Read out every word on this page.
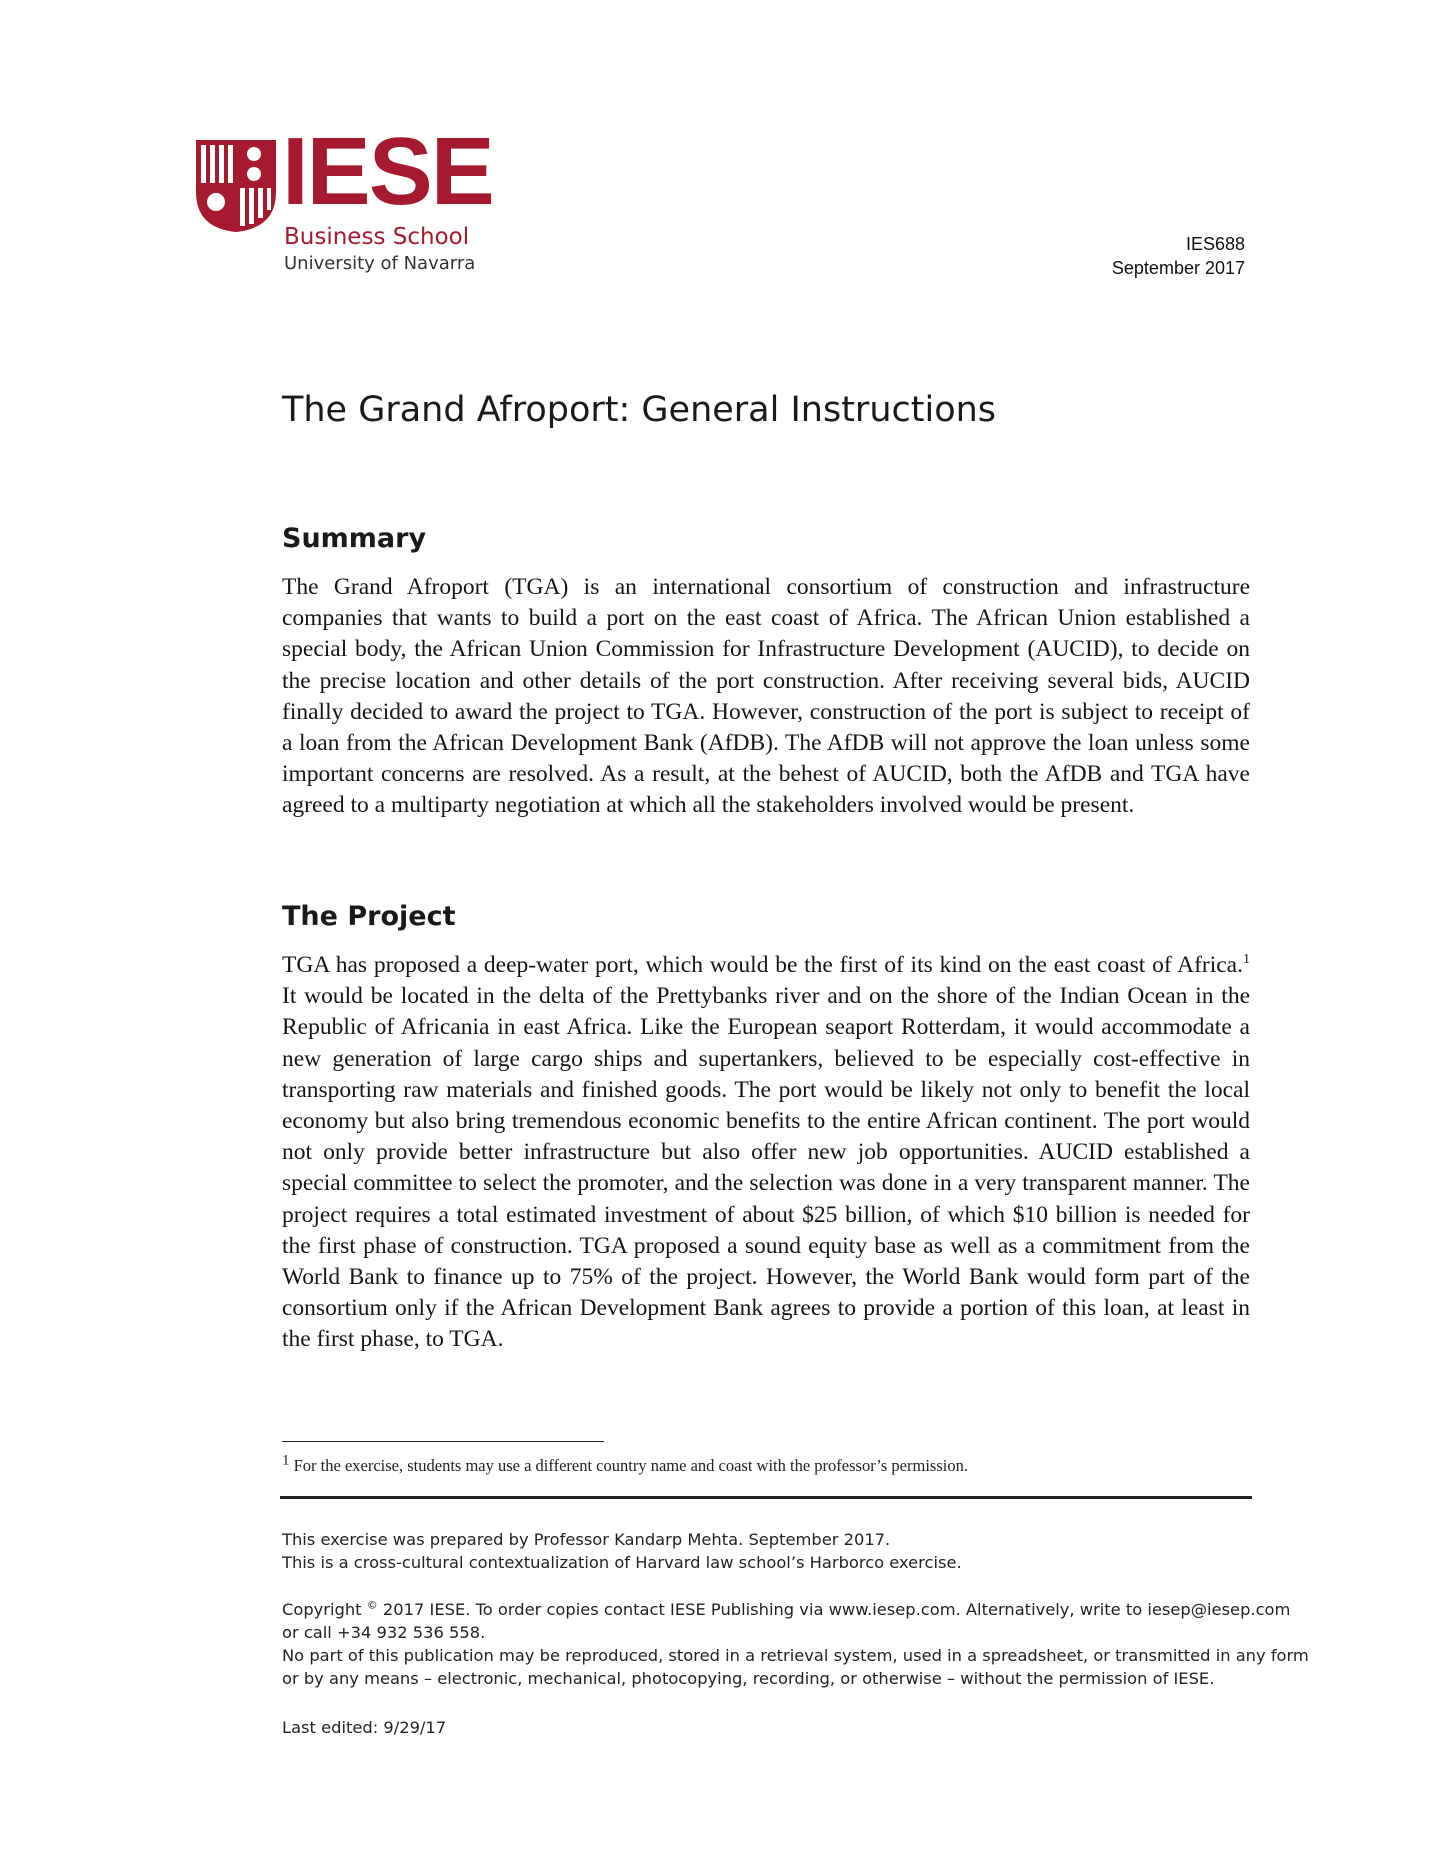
IESE
Business School
University of Navarra
IES688
September 2017
The Grand Afroport: General Instructions
Summary

The Grand Afroport (TGA) is an international consortium of construction and infrastructure companies that wants to build a port on the east coast of Africa. The African Union established a special body, the African Union Commission for Infrastructure Development (AUCID), to decide on the precise location and other details of the port construction. After receiving several bids, AUCID finally decided to award the project to TGA. However, construction of the port is subject to receipt of a loan from the African Development Bank (AfDB). The AfDB will not approve the loan unless some important concerns are resolved. As a result, at the behest of AUCID, both the AfDB and TGA have agreed to a multiparty negotiation at which all the stakeholders involved would be present.

The Project

TGA has proposed a deep-water port, which would be the first of its kind on the east coast of Africa.$^1$ It would be located in the delta of the Prettybanks river and on the shore of the Indian Ocean in the Republic of Africania in east Africa. Like the European seaport Rotterdam, it would accommodate a new generation of large cargo ships and supertankers, believed to be especially cost-effective in transporting raw materials and finished goods. The port would be likely not only to benefit the local economy but also bring tremendous economic benefits to the entire African continent. The port would not only provide better infrastructure but also offer new job opportunities. AUCID established a special committee to select the promoter, and the selection was done in a very transparent manner. The project requires a total estimated investment of about $25 billion, of which $10 billion is needed for the first phase of construction. TGA proposed a sound equity base as well as a commitment from the World Bank to finance up to 75% of the project. However, the World Bank would form part of the consortium only if the African Development Bank agrees to provide a portion of this loan, at least in the first phase, to TGA.

$^1$ For the exercise, students may use a different country name and coast with the professor’s permission.
This exercise was prepared by Professor Kandarp Mehta. September 2017.
This is a cross-cultural contextualization of Harvard law school’s Harborco exercise.
Copyright © 2017 IESE. To order copies contact IESE Publishing via www.iesep.com. Alternatively, write to iesep@iesep.com
or call +34 932 536 558.
No part of this publication may be reproduced, stored in a retrieval system, used in a spreadsheet, or transmitted in any form
or by any means – electronic, mechanical, photocopying, recording, or otherwise – without the permission of IESE.
Last edited: 9/29/17
